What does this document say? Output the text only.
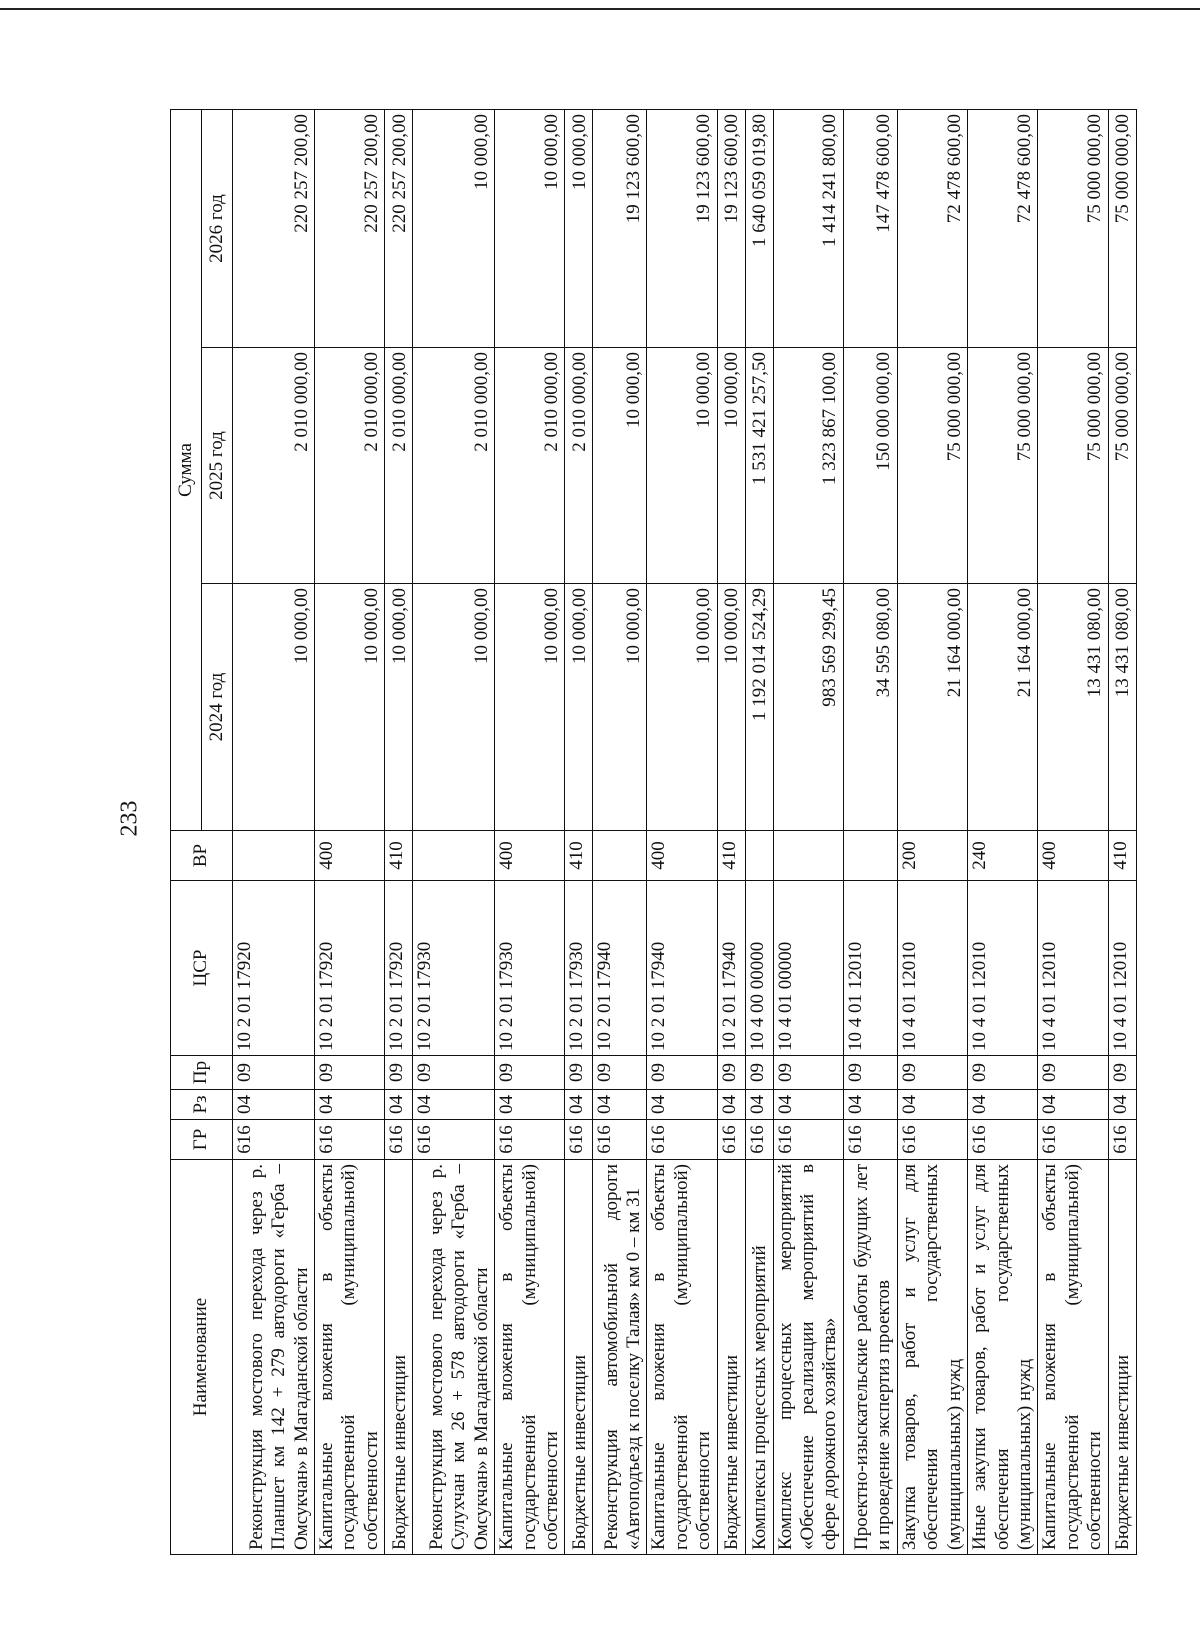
233
Наименование	ГР	Рз	Пр	ЦСР	ВР	Сумма		
						2024 год	2025 год	2026 год
Реконструкция мостового перехода через р. Планшет км 142 + 279 автодороги «Герба – Омсукчан» в Магаданской области	616	04	09	10 2 01 17920		10 000,00	2 010 000,00	220 257 200,00
Капитальные вложения в объекты государственной (муниципальной) собственности	616	04	09	10 2 01 17920	400	10 000,00	2 010 000,00	220 257 200,00
Бюджетные инвестиции	616	04	09	10 2 01 17920	410	10 000,00	2 010 000,00	220 257 200,00
Реконструкция мостового перехода через р. Сулухчан км 26 + 578 автодороги «Герба – Омсукчан» в Магаданской области	616	04	09	10 2 01 17930		10 000,00	2 010 000,00	10 000,00
Капитальные вложения в объекты государственной (муниципальной) собственности	616	04	09	10 2 01 17930	400	10 000,00	2 010 000,00	10 000,00
Бюджетные инвестиции	616	04	09	10 2 01 17930	410	10 000,00	2 010 000,00	10 000,00
Реконструкция автомобильной дороги «Автоподъезд к поселку Талая» км 0 – км 31	616	04	09	10 2 01 17940		10 000,00	10 000,00	19 123 600,00
Капитальные вложения в объекты государственной (муниципальной) собственности	616	04	09	10 2 01 17940	400	10 000,00	10 000,00	19 123 600,00
Бюджетные инвестиции	616	04	09	10 2 01 17940	410	10 000,00	10 000,00	19 123 600,00
Комплексы процессных мероприятий	616	04	09	10 4 00 00000		1 192 014 524,29	1 531 421 257,50	1 640 059 019,80
Комплекс процессных мероприятий «Обеспечение реализации мероприятий в сфере дорожного хозяйства»	616	04	09	10 4 01 00000		983 569 299,45	1 323 867 100,00	1 414 241 800,00
Проектно-изыскательские работы будущих лет и проведение экспертиз проектов	616	04	09	10 4 01 12010		34 595 080,00	150 000 000,00	147 478 600,00
Закупка товаров, работ и услуг для обеспечения государственных (муниципальных) нужд	616	04	09	10 4 01 12010	200	21 164 000,00	75 000 000,00	72 478 600,00
Иные закупки товаров, работ и услуг для обеспечения государственных (муниципальных) нужд	616	04	09	10 4 01 12010	240	21 164 000,00	75 000 000,00	72 478 600,00
Капитальные вложения в объекты государственной (муниципальной) собственности	616	04	09	10 4 01 12010	400	13 431 080,00	75 000 000,00	75 000 000,00
Бюджетные инвестиции	616	04	09	10 4 01 12010	410	13 431 080,00	75 000 000,00	75 000 000,00
